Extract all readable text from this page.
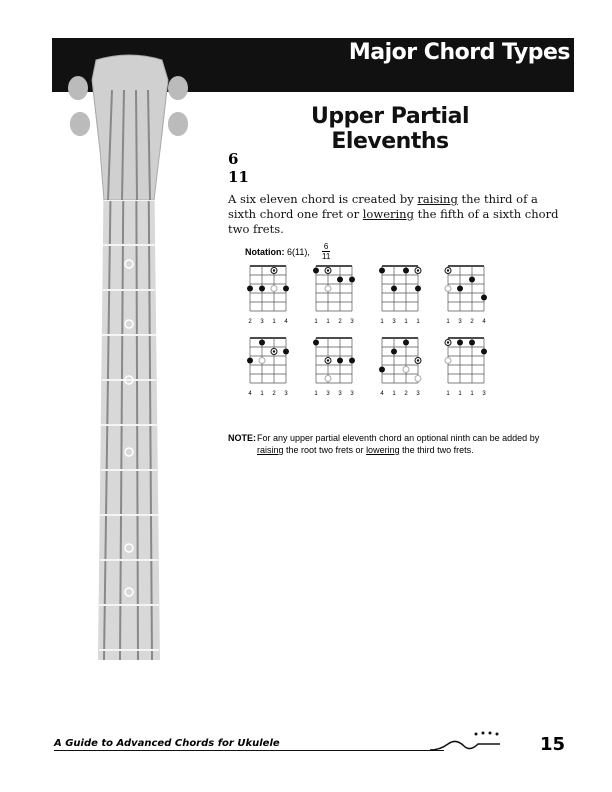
Major Chord Types
Upper Partial Elevenths
6
11
A six eleven chord is created by raising the third of a sixth chord one fret or lowering the fifth of a sixth chord two frets.
Notation: 6(11), $\frac{6}{11}$
2 3 1 4	1 1 2 3	1 3 1 1	1 3 2 4
4 1 2 3	1 3 3 3	4 1 2 3	1 1 1 3
NOTE: For any upper partial eleventh chord an optional ninth can be added by raising the root two frets or lowering the third two frets.
A Guide to Advanced Chords for Ukulele	15
